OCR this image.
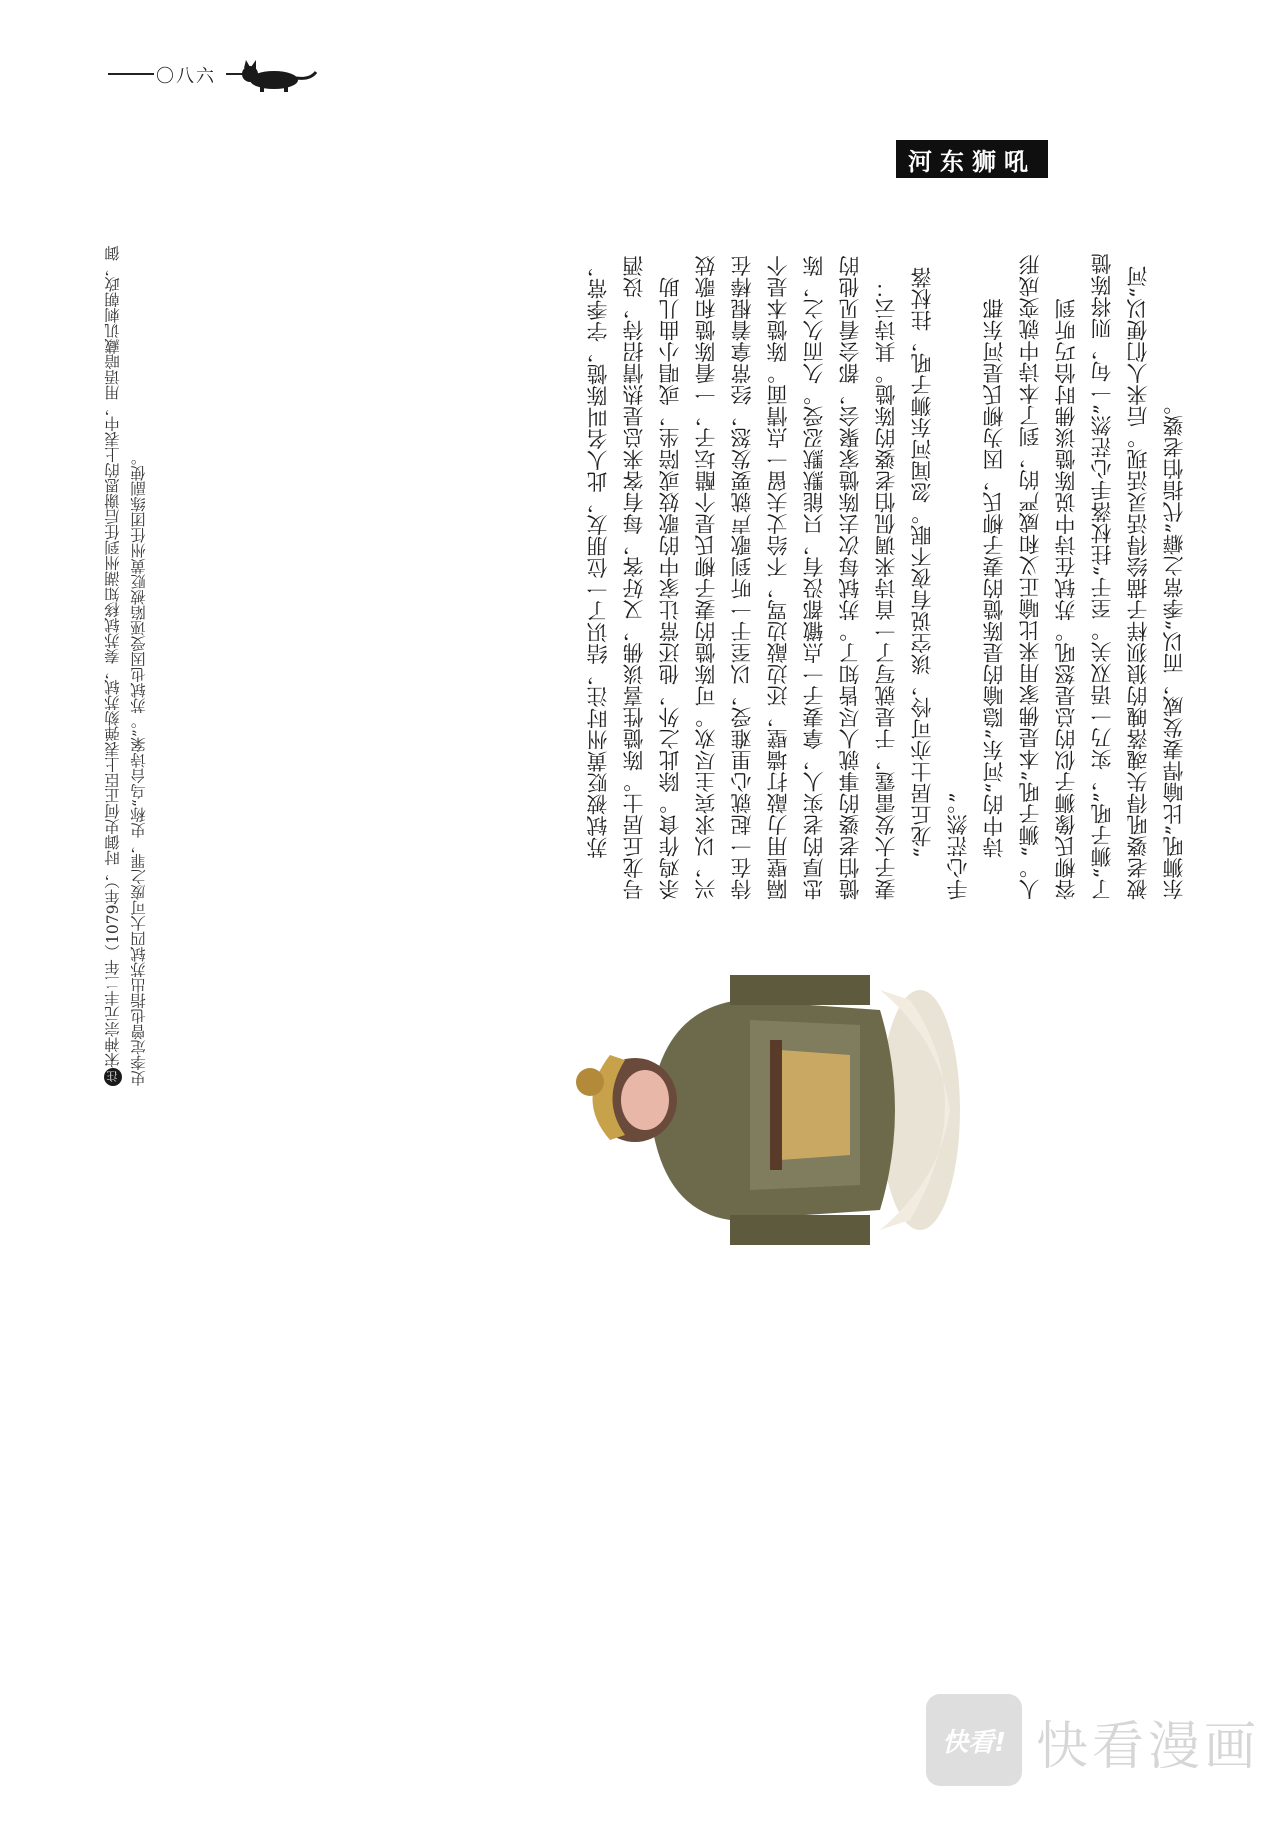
〇八六
河东狮吼

苏轼被贬黄州时注，结识了一位朋友，此人名叫陈慥，字季常，号龙丘居士。陈慥性喜谈佛，又好客，每有客来总是热情招待，设酒杀鸡作食。除此之外，他还常让家中的歌妓或陪坐，或唱小曲儿助兴，以求宾主尽欢。可陈慥的妻子柳氏是个醋坛子，一看陈慥和歌妓待在一起就心里难受，以至于一听到歌声就要发怒，经常拿着棍棒在隔壁用力敲打墙壁，还边敲边骂，不给丈夫留一点情面。陈慥本是个忠厚的老实人，拿妻子一点辙都没有，只能默默忍受。久而久之，陈慥怕老婆的事就人尽皆知了。苏轼每次去陈慥家聚会，都会看见他的妻子大发雷霆，于是就写了一首诗来调侃怕老婆的陈慥。其诗云： “龙丘居士亦可怜，谈空说有夜不眠。忽闻河东狮子吼，拄杖落手心茫然。” 诗中的“河东”隐喻的是陈慥的妻子柳氏，因为柳氏是河东郡人。“狮子吼”本是佛家用来比喻正义和威严的，到了本诗中就变成形容柳氏像狮子似的总是怒吼。苏轼在诗中说陈慥谈佛时恰巧听到了“狮子吼”，实乃一语双关。至于“拄杖落手心茫然”一句，则将陈慥被老婆吼得失魂落魄的狼狈样子描绘得活灵活现。后来人们便以“河东狮吼”比喻悍妻发威，而以“季常之癖”代指怕老婆。

注宋神宗元丰二年（1079年），时御史何正臣上表弹劾苏轼，奏苏轼移知湖州到任后谢恩的上表中，用语暗藏讥刺朝政，御史李定曾也指出苏轼四大可废之罪，史称“乌台诗案”。苏轼也因受诬陷被贬黄州任团练副使。
快看! 快看漫画
